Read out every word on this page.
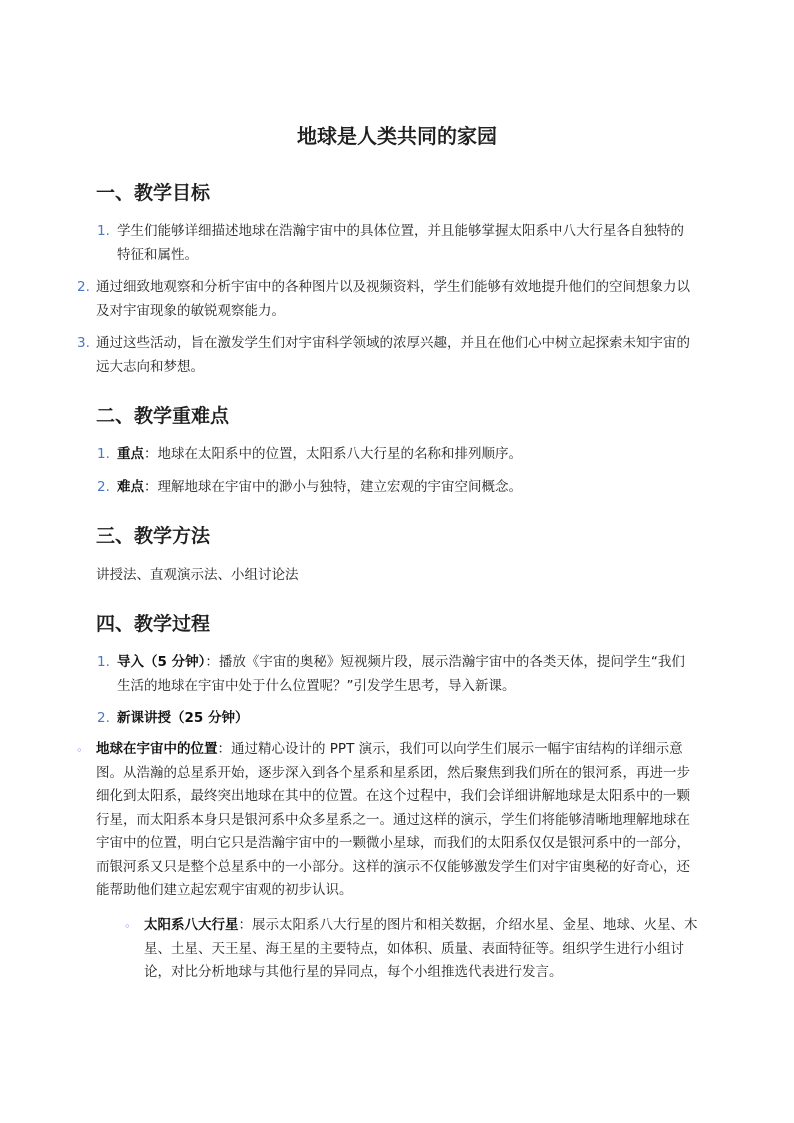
地球是人类共同的家园
一、教学目标
1. 学生们能够详细描述地球在浩瀚宇宙中的具体位置，并且能够掌握太阳系中八大行星各自独特的特征和属性。
2. 通过细致地观察和分析宇宙中的各种图片以及视频资料，学生们能够有效地提升他们的空间想象力以及对宇宙现象的敏锐观察能力。
3. 通过这些活动，旨在激发学生们对宇宙科学领域的浓厚兴趣，并且在他们心中树立起探索未知宇宙的远大志向和梦想。
二、教学重难点
1. 重点：地球在太阳系中的位置，太阳系八大行星的名称和排列顺序。
2. 难点：理解地球在宇宙中的渺小与独特，建立宏观的宇宙空间概念。
三、教学方法
讲授法、直观演示法、小组讨论法
四、教学过程
1. 导入（5 分钟）：播放《宇宙的奥秘》短视频片段，展示浩瀚宇宙中的各类天体，提问学生“我们生活的地球在宇宙中处于什么位置呢？”引发学生思考，导入新课。
2. 新课讲授（25 分钟）
◦ 地球在宇宙中的位置：通过精心设计的 PPT 演示，我们可以向学生们展示一幅宇宙结构的详细示意图。从浩瀚的总星系开始，逐步深入到各个星系和星系团，然后聚焦到我们所在的银河系，再进一步细化到太阳系，最终突出地球在其中的位置。在这个过程中，我们会详细讲解地球是太阳系中的一颗行星，而太阳系本身只是银河系中众多星系之一。通过这样的演示，学生们将能够清晰地理解地球在宇宙中的位置，明白它只是浩瀚宇宙中的一颗微小星球，而我们的太阳系仅仅是银河系中的一部分，而银河系又只是整个总星系中的一小部分。这样的演示不仅能够激发学生们对宇宙奥秘的好奇心，还能帮助他们建立起宏观宇宙观的初步认识。
◦ 太阳系八大行星：展示太阳系八大行星的图片和相关数据，介绍水星、金星、地球、火星、木星、土星、天王星、海王星的主要特点，如体积、质量、表面特征等。组织学生进行小组讨论，对比分析地球与其他行星的异同点，每个小组推选代表进行发言。
